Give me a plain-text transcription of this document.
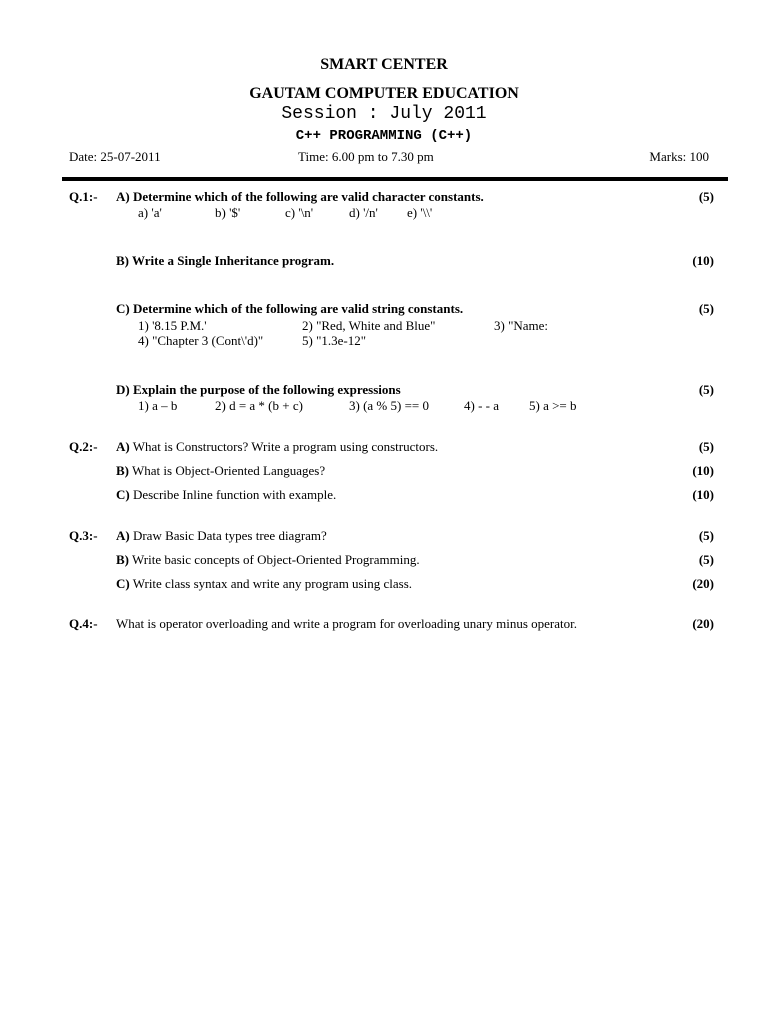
SMART CENTER
GAUTAM COMPUTER EDUCATION
Session : July 2011
C++ PROGRAMMING (C++)
Date: 25-07-2011	Time: 6.00 pm to 7.30 pm	Marks: 100
Q.1:- A) Determine which of the following are valid character constants.	(5)
a) 'a'	b) '$'	c) '\n'	d) '/n' e) '\\'
B) Write a Single Inheritance program.	(10)
C) Determine which of the following are valid string constants.	(5)
1) '8.15 P.M.'	2) "Red, White and Blue"	3) "Name:
4) "Chapter 3 (Cont\'d)"	5) "1.3e-12"
D) Explain the purpose of the following expressions	(5)
1) a – b	2) d = a * (b + c)	3) (a % 5) == 0	4) - - a 5) a >= b
Q.2:- A) What is Constructors? Write a program using constructors.	(5)
B) What is Object-Oriented Languages?	(10)
C) Describe Inline function with example.	(10)
Q.3:- A) Draw Basic Data types tree diagram?	(5)
B) Write basic concepts of Object-Oriented Programming.	(5)
C) Write class syntax and write any program using class.	(20)
Q.4:- What is operator overloading and write a program for overloading unary minus operator.	(20)
